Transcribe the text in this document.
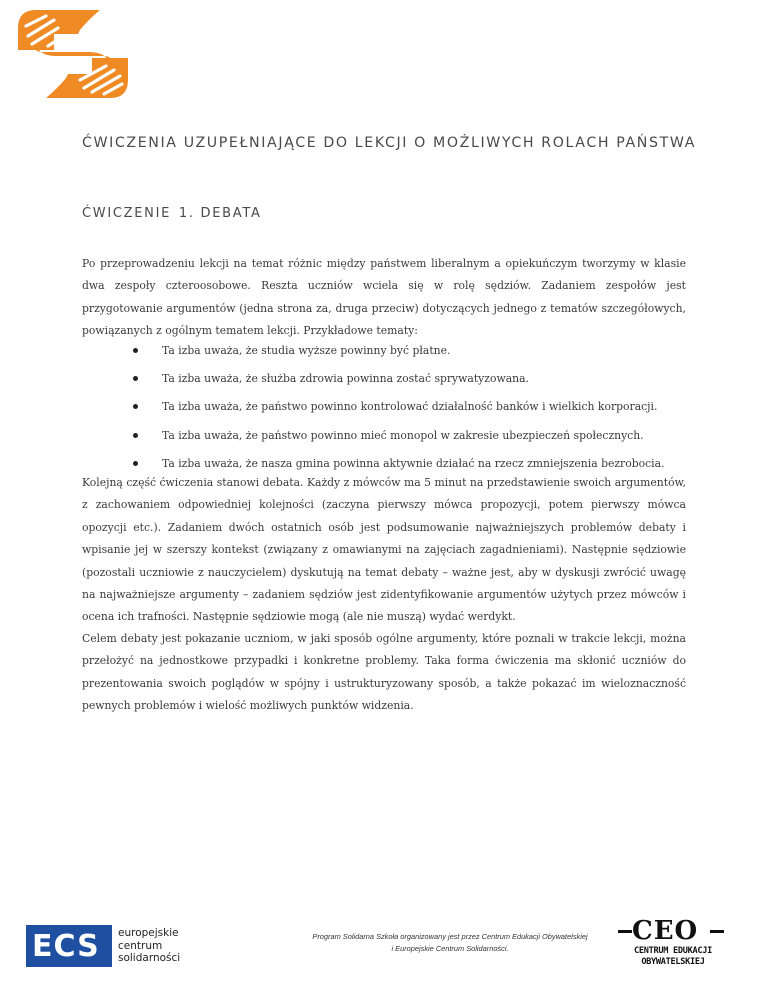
ĆWICZENIA UZUPEŁNIAJĄCE DO LEKCJI O MOŻLIWYCH ROLACH PAŃSTWA
ĆWICZENIE 1. DEBATA
Po przeprowadzeniu lekcji na temat różnic między państwem liberalnym a opiekuńczym tworzymy w klasie dwa zespoły czteroosobowe. Reszta uczniów wciela się w rolę sędziów. Zadaniem zespołów jest przygotowanie argumentów (jedna strona za, druga przeciw) dotyczących jednego z tematów szczegółowych, powiązanych z ogólnym tematem lekcji. Przykładowe tematy:
Ta izba uważa, że studia wyższe powinny być płatne.
Ta izba uważa, że służba zdrowia powinna zostać sprywatyzowana.
Ta izba uważa, że państwo powinno kontrolować działalność banków i wielkich korporacji.
Ta izba uważa, że państwo powinno mieć monopol w zakresie ubezpieczeń społecznych.
Ta izba uważa, że nasza gmina powinna aktywnie działać na rzecz zmniejszenia bezrobocia.
Kolejną część ćwiczenia stanowi debata. Każdy z mówców ma 5 minut na przedstawienie swoich argumentów, z zachowaniem odpowiedniej kolejności (zaczyna pierwszy mówca propozycji, potem pierwszy mówca opozycji etc.). Zadaniem dwóch ostatnich osób jest podsumowanie najważniejszych problemów debaty i wpisanie jej w szerszy kontekst (związany z omawianymi na zajęciach zagadnieniami). Następnie sędziowie (pozostali uczniowie z nauczycielem) dyskutują na temat debaty – ważne jest, aby w dyskusji zwrócić uwagę na najważniejsze argumenty – zadaniem sędziów jest zidentyfikowanie argumentów użytych przez mówców i ocena ich trafności. Następnie sędziowie mogą (ale nie muszą) wydać werdykt.
Celem debaty jest pokazanie uczniom, w jaki sposób ogólne argumenty, które poznali w trakcie lekcji, można przełożyć na jednostkowe przypadki i konkretne problemy. Taka forma ćwiczenia ma skłonić uczniów do prezentowania swoich poglądów w spójny i ustrukturyzowany sposób, a także pokazać im wieloznaczność pewnych problemów i wielość możliwych punktów widzenia.
ECS europejskie
centrum
solidarności
Program Solidarna Szkoła organizowany jest przez Centrum Edukacji Obywatelskiej
i Europejskie Centrum Solidarności.
CEO
CENTRUM EDUKACJI
OBYWATELSKIEJ
